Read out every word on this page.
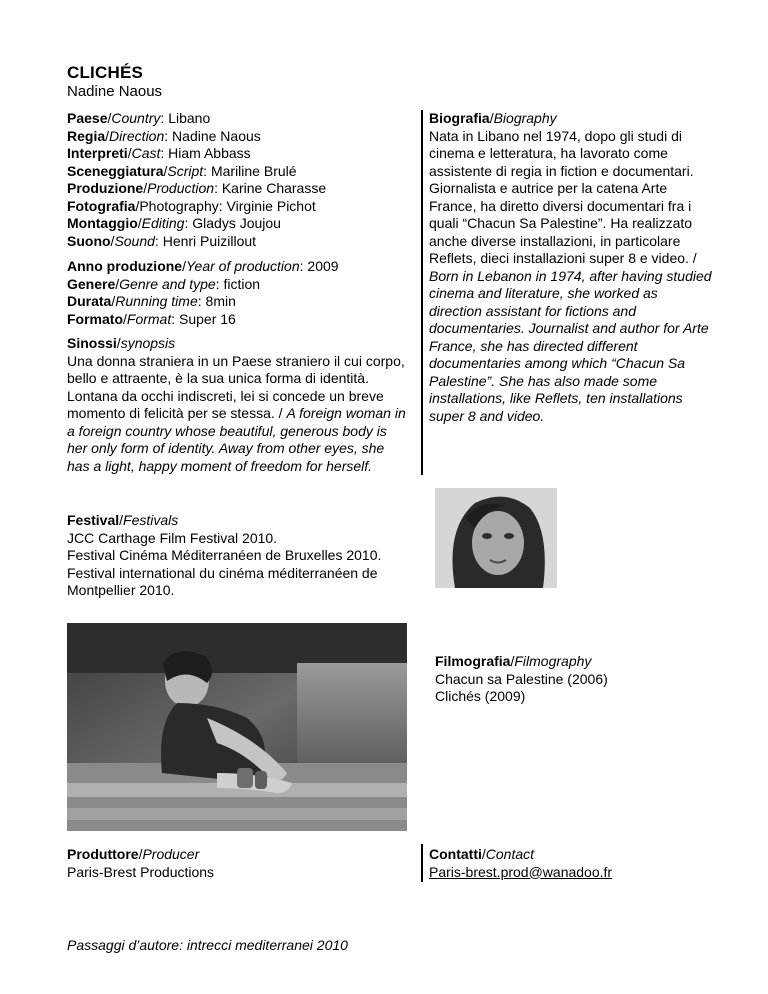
CLICHÉS
Nadine Naous
Paese/Country: Libano
Regia/Direction: Nadine Naous
Interpreti/Cast: Hiam Abbass
Sceneggiatura/Script: Mariline Brulé
Produzione/Production: Karine Charasse
Fotografia/Photography: Virginie Pichot
Montaggio/Editing: Gladys Joujou
Suono/Sound: Henri Puizillout
Anno produzione/Year of production: 2009
Genere/Genre and type: fiction
Durata/Running time: 8min
Formato/Format: Super 16
Sinossi/synopsis
Una donna straniera in un Paese straniero il cui corpo, bello e attraente, è la sua unica forma di identità. Lontana da occhi indiscreti, lei si concede un breve momento di felicità per se stessa. / A foreign woman in a foreign country whose beautiful, generous body is her only form of identity. Away from other eyes, she has a light, happy moment of freedom for herself.
Festival/Festivals
JCC Carthage Film Festival 2010.
Festival Cinéma Méditerranéen de Bruxelles 2010.
Festival international du cinéma méditerranéen de Montpellier 2010.
Biografia/Biography
Nata in Libano nel 1974, dopo gli studi di cinema e letteratura, ha lavorato come assistente di regia in fiction e documentari. Giornalista e autrice per la catena Arte France, ha diretto diversi documentari fra i quali “Chacun Sa Palestine”. Ha realizzato anche diverse installazioni, in particolare Reflets, dieci installazioni super 8 e video. / Born in Lebanon in 1974, after having studied cinema and literature, she worked as direction assistant for fictions and documentaries. Journalist and author for Arte France, she has directed different documentaries among which “Chacun Sa Palestine”. She has also made some installations, like Reflets, ten installations super 8 and video.
Filmografia/Filmography
Chacun sa Palestine (2006)
Clichés (2009)
Produttore/Producer
Paris-Brest Productions
Contatti/Contact
Paris-brest.prod@wanadoo.fr
Passaggi d’autore: intrecci mediterranei 2010
